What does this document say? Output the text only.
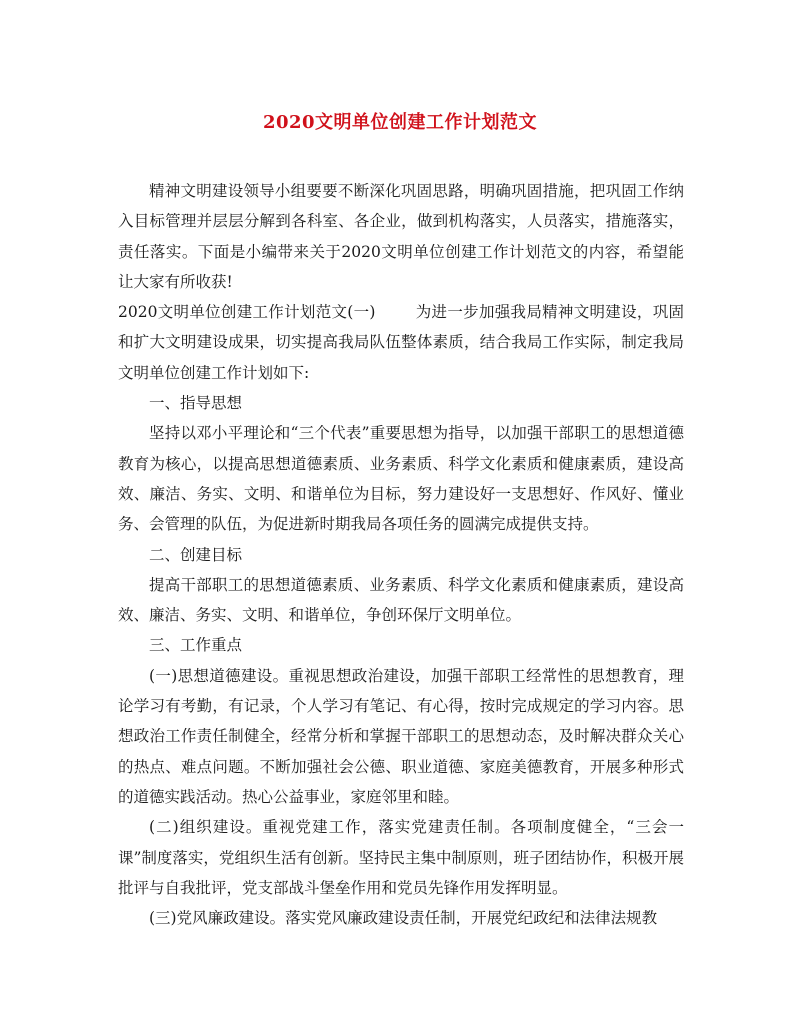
2020文明单位创建工作计划范文

精神文明建设领导小组要要不断深化巩固思路，明确巩固措施，把巩固工作纳入目标管理并层层分解到各科室、各企业，做到机构落实，人员落实，措施落实，责任落实。下面是小编带来关于2020文明单位创建工作计划范文的内容，希望能让大家有所收获!

2020文明单位创建工作计划范文(一)	为进一步加强我局精神文明建设，巩固和扩大文明建设成果，切实提高我局队伍整体素质，结合我局工作实际，制定我局文明单位创建工作计划如下:

一、指导思想

坚持以邓小平理论和“三个代表”重要思想为指导，以加强干部职工的思想道德教育为核心，以提高思想道德素质、业务素质、科学文化素质和健康素质，建设高效、廉洁、务实、文明、和谐单位为目标，努力建设好一支思想好、作风好、懂业务、会管理的队伍，为促进新时期我局各项任务的圆满完成提供支持。

二、创建目标

提高干部职工的思想道德素质、业务素质、科学文化素质和健康素质，建设高效、廉洁、务实、文明、和谐单位，争创环保厅文明单位。

三、工作重点

(一)思想道德建设。重视思想政治建设，加强干部职工经常性的思想教育，理论学习有考勤，有记录，个人学习有笔记、有心得，按时完成规定的学习内容。思想政治工作责任制健全，经常分析和掌握干部职工的思想动态，及时解决群众关心的热点、难点问题。不断加强社会公德、职业道德、家庭美德教育，开展多种形式的道德实践活动。热心公益事业，家庭邻里和睦。

(二)组织建设。重视党建工作，落实党建责任制。各项制度健全，“三会一课”制度落实，党组织生活有创新。坚持民主集中制原则，班子团结协作，积极开展批评与自我批评，党支部战斗堡垒作用和党员先锋作用发挥明显。

(三)党风廉政建设。落实党风廉政建设责任制，开展党纪政纪和法律法规教
